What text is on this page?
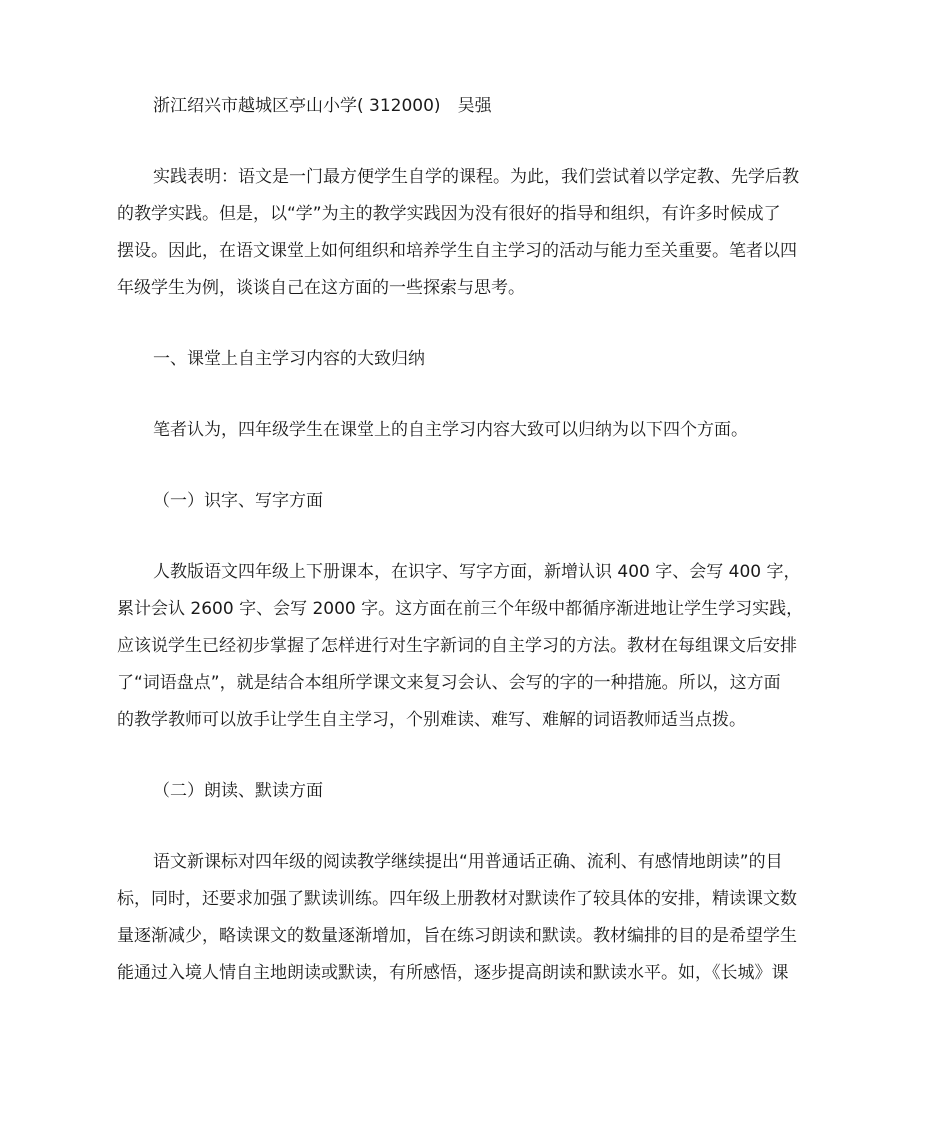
浙江绍兴市越城区亭山小学( 312000)　吴强
实践表明：语文是一门最方便学生自学的课程。为此，我们尝试着以学定教、先学后教
的教学实践。但是，以“学”为主的教学实践因为没有很好的指导和组织，有许多时候成了
摆设。因此，在语文课堂上如何组织和培养学生自主学习的活动与能力至关重要。笔者以四
年级学生为例，谈谈自己在这方面的一些探索与思考。
一、课堂上自主学习内容的大致归纳
笔者认为，四年级学生在课堂上的自主学习内容大致可以归纳为以下四个方面。
（一）识字、写字方面
人教版语文四年级上下册课本，在识字、写字方面，新增认识 400 字、会写 400 字，
累计会认 2600 字、会写 2000 字。这方面在前三个年级中都循序渐进地让学生学习实践，
应该说学生已经初步掌握了怎样进行对生字新词的自主学习的方法。教材在每组课文后安排
了“词语盘点”，就是结合本组所学课文来复习会认、会写的字的一种措施。所以，这方面
的教学教师可以放手让学生自主学习，个别难读、难写、难解的词语教师适当点拨。
（二）朗读、默读方面
语文新课标对四年级的阅读教学继续提出“用普通话正确、流利、有感情地朗读”的目
标，同时，还要求加强了默读训练。四年级上册教材对默读作了较具体的安排，精读课文数
量逐渐减少，略读课文的数量逐渐增加，旨在练习朗读和默读。教材编排的目的是希望学生
能通过入境人情自主地朗读或默读，有所感悟，逐步提高朗读和默读水平。如，《长城》课
